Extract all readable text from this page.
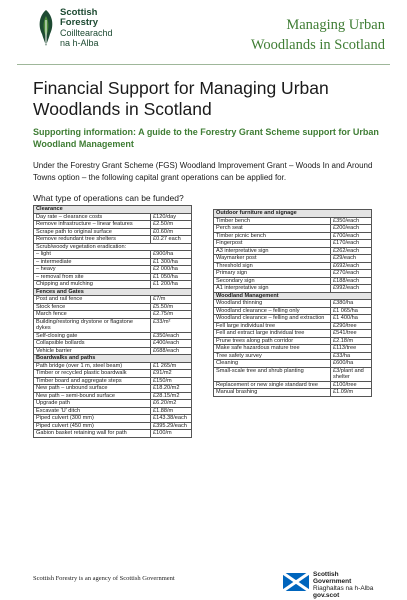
Scottish
Forestry
Coilltearachd
na h-Alba
Managing Urban
Woodlands in Scotland
Financial Support for Managing Urban Woodlands in Scotland
Supporting information: A guide to the Forestry Grant Scheme support for Urban Woodland Management
Under the Forestry Grant Scheme (FGS) Woodland Improvement Grant – Woods In and Around Towns option – the following capital grant operations can be applied for.
What type of operations can be funded?
Clearance	
Day rate – clearance costs	£120/day
Remove infrastructure – linear features	£2.50/m
Scrape path to original surface	£0.60/m
Remove redundant tree shelters	£0.27 each
Scrub/woody vegetation eradication:	
– light	£900/ha
– intermediate	£1 300/ha
– heavy	£2 000/ha
– removal from site	£1 050/ha
Chipping and mulching	£1 200/ha
Fences and Gates	
Post and rail fence	£7/m
Stock fence	£5.50/m
March fence	£2.75/m
Building/restoring drystone or flagstone dykes	£33/m²
Self-closing gate	£350/each
Collapsible bollards	£400/each
Vehicle barrier	£688/each
Boardwalks and paths	
Path bridge (over 1 m, steel beam)	£1 265/m
Timber or recycled plastic boardwalk	£91/m2
Timber board and aggregate steps	£150/m
New path – unbound surface	£18.20/m2
New path – semi-bound surface	£28.15/m2
Upgrade path	£6.20/m2
Excavate 'U' ditch	£1.88/m
Piped culvert (300 mm)	£143.38/each
Piped culvert (450 mm)	£395.29/each
Gabion basket retaining wall for path	£100/m
Outdoor furniture and signage	
Timber bench	£350/each
Perch seat	£200/each
Timber picnic bench	£700/each
Fingerpost	£170/each
A3 interpretative sign	£262/each
Waymarker post	£29/each
Threshold sign	£692/each
Primary sign	£270/each
Secondary sign	£188/each
A1 interpretative sign	£992/each
Woodland Management	
Woodland thinning	£380/ha
Woodland clearance – felling only	£1 065/ha
Woodland clearance – felling and extraction	£1 400/ha
Fell large individual tree	£290/tree
Fell and extract large individual tree	£541/tree
Prune trees along path corridor	£2.18/m
Make safe hazardous mature tree	£113/tree
Tree safety survey	£33/ha
Cleaning	£600/ha
Small-scale tree and shrub planting	£3/plant and shelter
Replacement or new single standard tree	£100/tree
Manual brashing	£1.09/m
Scottish Forestry is an agency of Scottish Government
Scottish Government
Riaghaltas na h-Alba
gov.scot
